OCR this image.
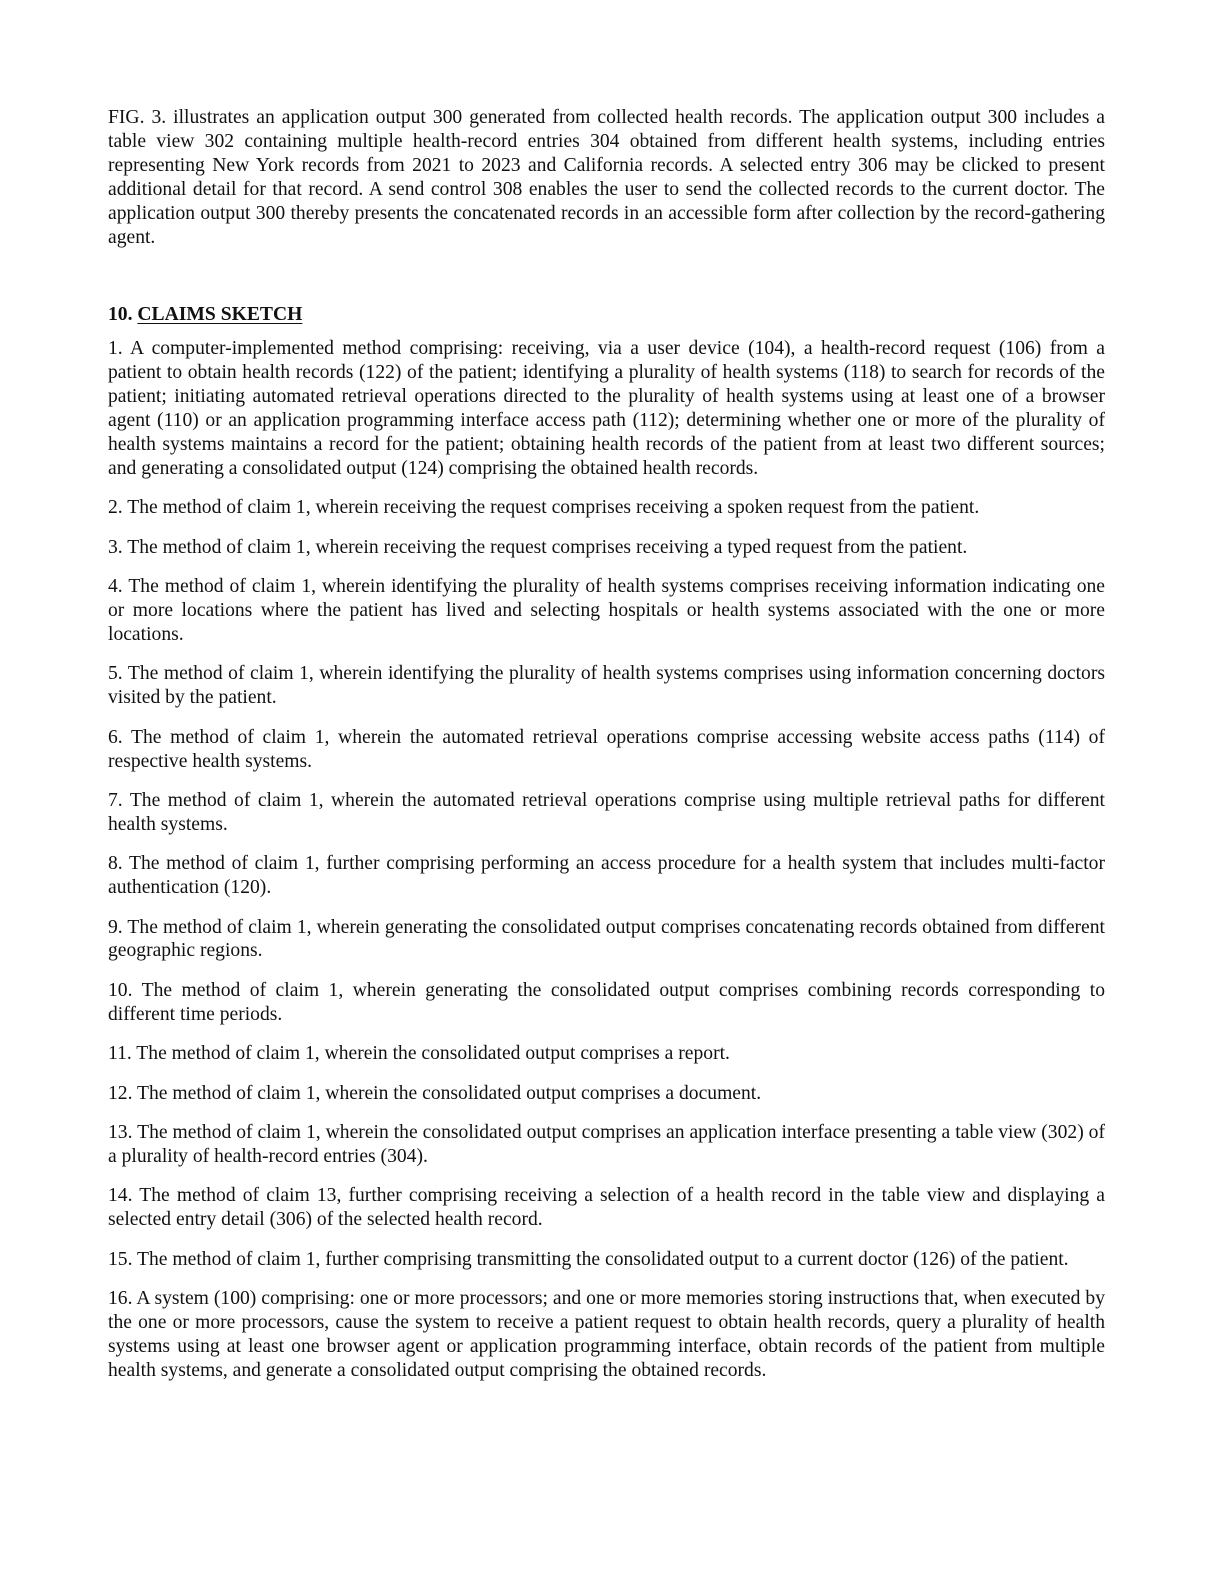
FIG. 3. illustrates an application output 300 generated from collected health records. The application output 300 includes a table view 302 containing multiple health-record entries 304 obtained from different health systems, including entries representing New York records from 2021 to 2023 and California records. A selected entry 306 may be clicked to present additional detail for that record. A send control 308 enables the user to send the collected records to the current doctor. The application output 300 thereby presents the concatenated records in an accessible form after collection by the record-gathering agent.

10. CLAIMS SKETCH

1. A computer-implemented method comprising: receiving, via a user device (104), a health-record request (106) from a patient to obtain health records (122) of the patient; identifying a plurality of health systems (118) to search for records of the patient; initiating automated retrieval operations directed to the plurality of health systems using at least one of a browser agent (110) or an application programming interface access path (112); determining whether one or more of the plurality of health systems maintains a record for the patient; obtaining health records of the patient from at least two different sources; and generating a consolidated output (124) comprising the obtained health records.

2. The method of claim 1, wherein receiving the request comprises receiving a spoken request from the patient.

3. The method of claim 1, wherein receiving the request comprises receiving a typed request from the patient.

4. The method of claim 1, wherein identifying the plurality of health systems comprises receiving information indicating one or more locations where the patient has lived and selecting hospitals or health systems associated with the one or more locations.

5. The method of claim 1, wherein identifying the plurality of health systems comprises using information concerning doctors visited by the patient.

6. The method of claim 1, wherein the automated retrieval operations comprise accessing website access paths (114) of respective health systems.

7. The method of claim 1, wherein the automated retrieval operations comprise using multiple retrieval paths for different health systems.

8. The method of claim 1, further comprising performing an access procedure for a health system that includes multi-factor authentication (120).

9. The method of claim 1, wherein generating the consolidated output comprises concatenating records obtained from different geographic regions.

10. The method of claim 1, wherein generating the consolidated output comprises combining records corresponding to different time periods.

11. The method of claim 1, wherein the consolidated output comprises a report.

12. The method of claim 1, wherein the consolidated output comprises a document.

13. The method of claim 1, wherein the consolidated output comprises an application interface presenting a table view (302) of a plurality of health-record entries (304).

14. The method of claim 13, further comprising receiving a selection of a health record in the table view and displaying a selected entry detail (306) of the selected health record.

15. The method of claim 1, further comprising transmitting the consolidated output to a current doctor (126) of the patient.

16. A system (100) comprising: one or more processors; and one or more memories storing instructions that, when executed by the one or more processors, cause the system to receive a patient request to obtain health records, query a plurality of health systems using at least one browser agent or application programming interface, obtain records of the patient from multiple health systems, and generate a consolidated output comprising the obtained records.
